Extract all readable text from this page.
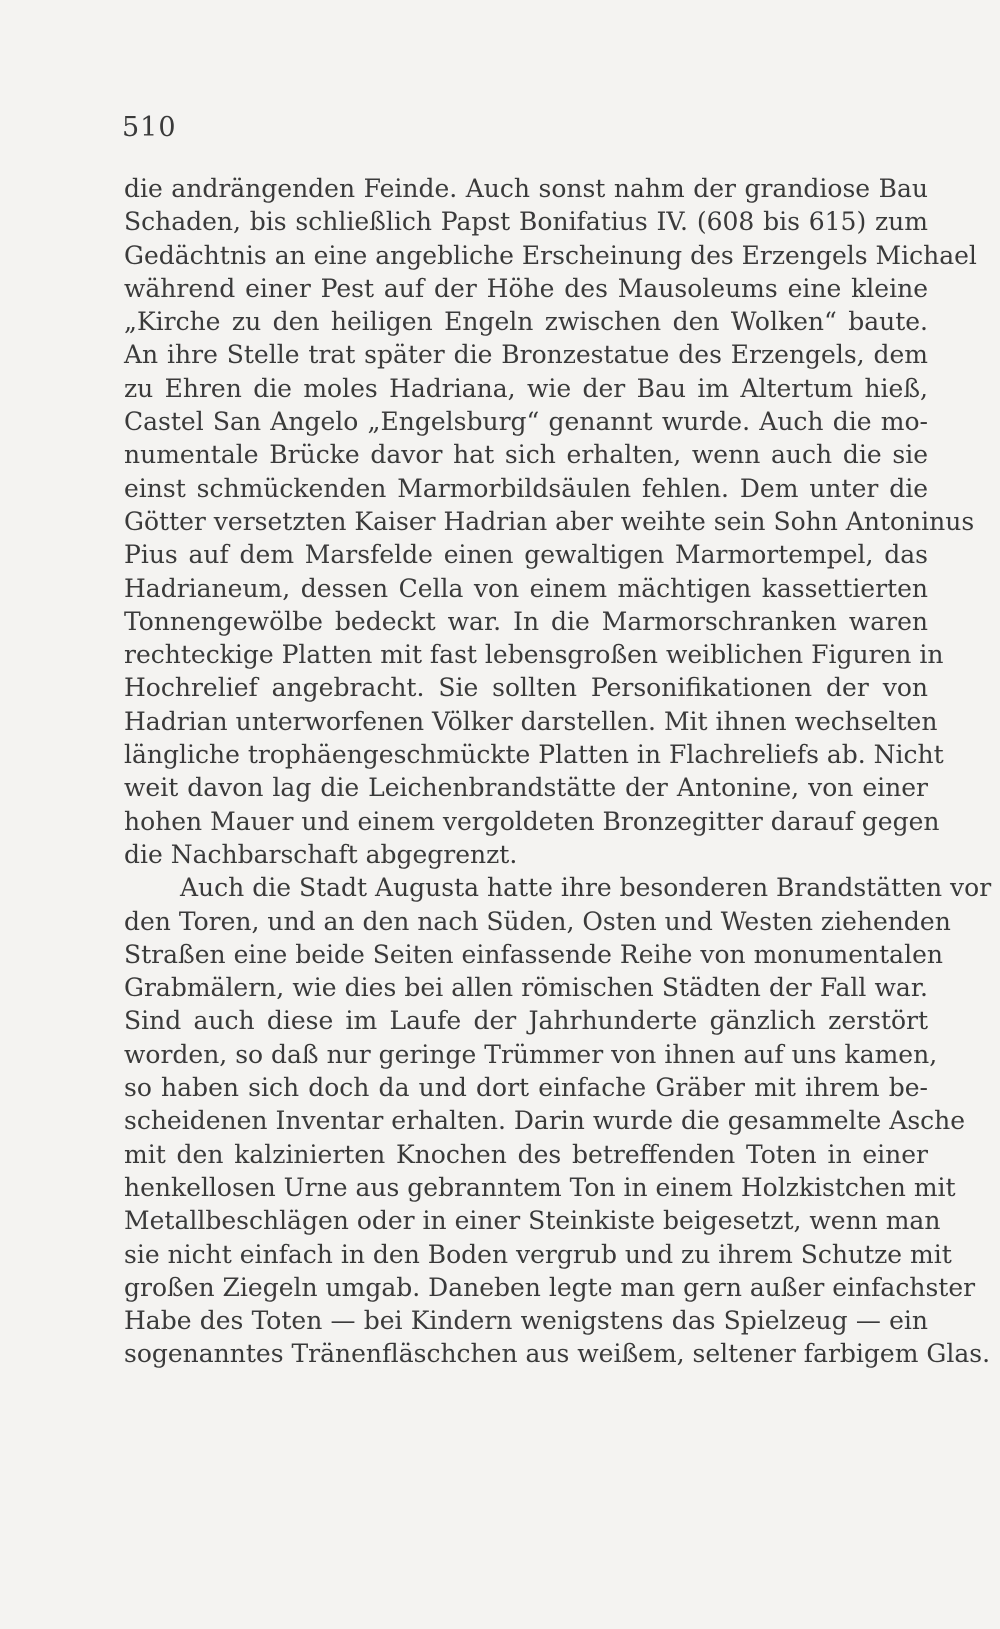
510
die andrängenden Feinde. Auch sonst nahm der grandiose Bau
Schaden, bis schließlich Papst Bonifatius IV. (608 bis 615) zum
Gedächtnis an eine angebliche Erscheinung des Erzengels Michael
während einer Pest auf der Höhe des Mausoleums eine kleine
„Kirche zu den heiligen Engeln zwischen den Wolken“ baute.
An ihre Stelle trat später die Bronzestatue des Erzengels, dem
zu Ehren die moles Hadriana, wie der Bau im Altertum hieß,
Castel San Angelo „Engelsburg“ genannt wurde. Auch die mo-
numentale Brücke davor hat sich erhalten, wenn auch die sie
einst schmückenden Marmorbildsäulen fehlen. Dem unter die
Götter versetzten Kaiser Hadrian aber weihte sein Sohn Antoninus
Pius auf dem Marsfelde einen gewaltigen Marmortempel, das
Hadrianeum, dessen Cella von einem mächtigen kassettierten
Tonnengewölbe bedeckt war. In die Marmorschranken waren
rechteckige Platten mit fast lebensgroßen weiblichen Figuren in
Hochrelief angebracht. Sie sollten Personifikationen der von
Hadrian unterworfenen Völker darstellen. Mit ihnen wechselten
längliche trophäengeschmückte Platten in Flachreliefs ab. Nicht
weit davon lag die Leichenbrandstätte der Antonine, von einer
hohen Mauer und einem vergoldeten Bronzegitter darauf gegen
die Nachbarschaft abgegrenzt.
Auch die Stadt Augusta hatte ihre besonderen Brandstätten vor
den Toren, und an den nach Süden, Osten und Westen ziehenden
Straßen eine beide Seiten einfassende Reihe von monumentalen
Grabmälern, wie dies bei allen römischen Städten der Fall war.
Sind auch diese im Laufe der Jahrhunderte gänzlich zerstört
worden, so daß nur geringe Trümmer von ihnen auf uns kamen,
so haben sich doch da und dort einfache Gräber mit ihrem be-
scheidenen Inventar erhalten. Darin wurde die gesammelte Asche
mit den kalzinierten Knochen des betreffenden Toten in einer
henkellosen Urne aus gebranntem Ton in einem Holzkistchen mit
Metallbeschlägen oder in einer Steinkiste beigesetzt, wenn man
sie nicht einfach in den Boden vergrub und zu ihrem Schutze mit
großen Ziegeln umgab. Daneben legte man gern außer einfachster
Habe des Toten — bei Kindern wenigstens das Spielzeug — ein
sogenanntes Tränenfläschchen aus weißem, seltener farbigem Glas.
